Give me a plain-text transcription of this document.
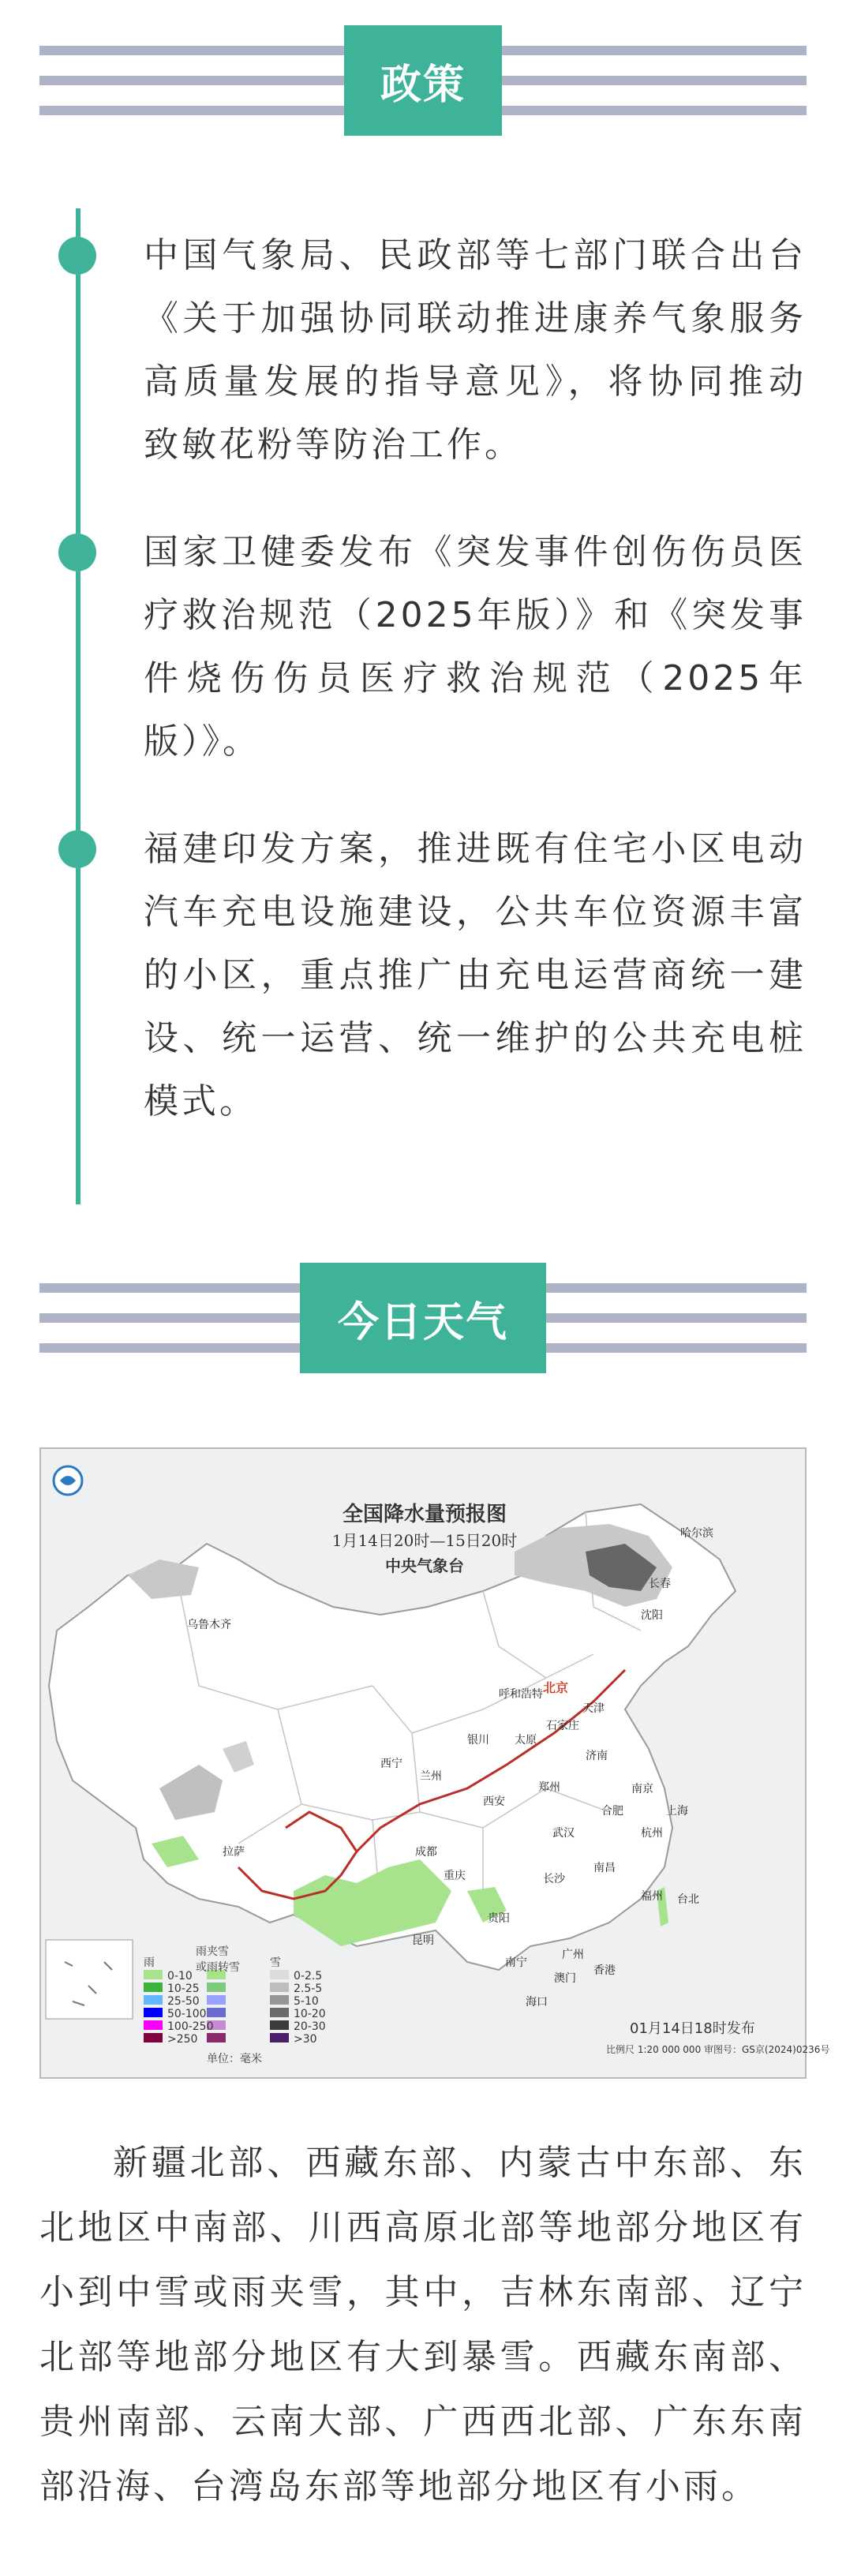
政策
中国气象局、民政部等七部门联合出台《关于加强协同联动推进康养气象服务高质量发展的指导意见》，将协同推动致敏花粉等防治工作。
国家卫健委发布《突发事件创伤伤员医疗救治规范（2025年版）》和《突发事件烧伤伤员医疗救治规范（2025年版）》。
福建印发方案，推进既有住宅小区电动汽车充电设施建设，公共车位资源丰富的小区，重点推广由充电运营商统一建设、统一运营、统一维护的公共充电桩模式。
今日天气
全国降水量预报图
1月14日20时—15日20时
中央气象台
北京
乌鲁木齐
拉萨
西宁
兰州
银川
呼和浩特
太原
石家庄
天津
济南
郑州
西安
成都
重庆
武汉
合肥
南京
上海
杭州
长沙
南昌
福州
贵阳
昆明
南宁
广州
海口
台北
哈尔滨
长春
沈阳
香港
澳门
雨
雨夹雪
或雨转雪	雪
0-10
10-25
25-50
50-100
100-250
>250
0-2.5
2.5-5
5-10
10-20
20-30
>30
单位：毫米
01月14日18时发布
比例尺 1:20 000 000 审图号：GS京(2024)0236号
新疆北部、西藏东部、内蒙古中东部、东北地区中南部、川西高原北部等地部分地区有小到中雪或雨夹雪，其中，吉林东南部、辽宁北部等地部分地区有大到暴雪。西藏东南部、贵州南部、云南大部、广西西北部、广东东南部沿海、台湾岛东部等地部分地区有小雨。
